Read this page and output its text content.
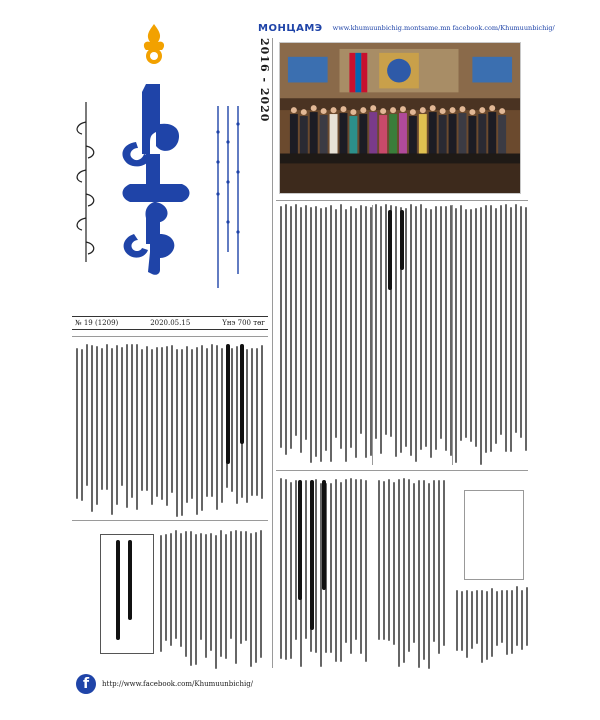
MOHЦАМЭ www.khumuunbichig.montsame.mn facebook.com/Khumuunbichig/
2016 - 2020
№ 19 (1209)	2020.05.15	Үнэ 700 төг
f	http://www.facebook.com/Khumuunbichig/
